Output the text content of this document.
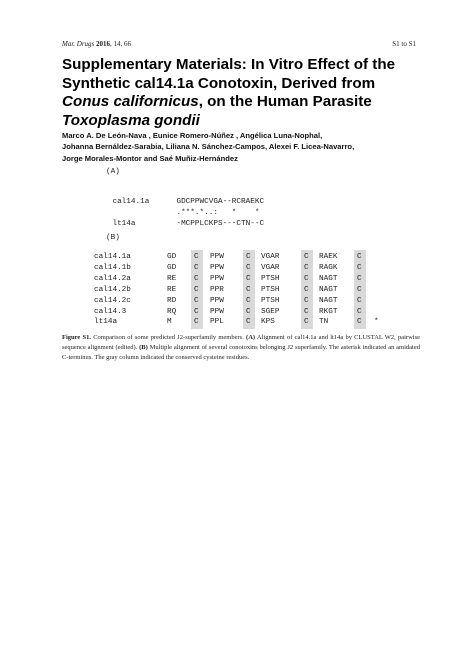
Mar. Drugs 2016, 14, 66	S1 to S1
Supplementary Materials: In Vitro Effect of the
Synthetic cal14.1a Conotoxin, Derived from
Conus californicus, on the Human Parasite
Toxoplasma gondii
Marco A. De León-Nava , Eunice Romero-Núñez , Angélica Luna-Nophal,
Johanna Bernáldez-Sarabia, Liliana N. Sánchez-Campos, Alexei F. Licea-Navarro,
Jorge Morales-Montor and Saé Muñiz-Hernández
(A)

cal14.1a	GDCPPWCVGA--RCRAEKC

.***.*..:   *    *

lt14a	-MCPPLCKPS---CTN--C

(B)
cal14.1a	GD C PPW	C VGAR	C RAEK	C
cal14.1b	GD C PPW	C VGAR	C RAGK	C
cal14.2a	RE C PPW	C PTSH	C NAGT	C
cal14.2b	RE C PPR	C PTSH	C NAGT	C
cal14.2c	RD C PPW	C PTSH	C NAGT	C
cal14.3	RQ C PPW	C SGEP	C RKGT	C
lt14a	M	C PPL	C KPS	C TN	C *
Figure S1. Comparison of some predicted J2-superfamily members. (A) Alignment of cal14.1a and lt14a by CLUSTAL W2, pairwise sequence alignment (edited). (B) Multiple alignment of several conotoxins belonging J2 superfamily. The asterisk indicated an amidated C-terminus. The gray column indicated the conserved cysteine residues.
